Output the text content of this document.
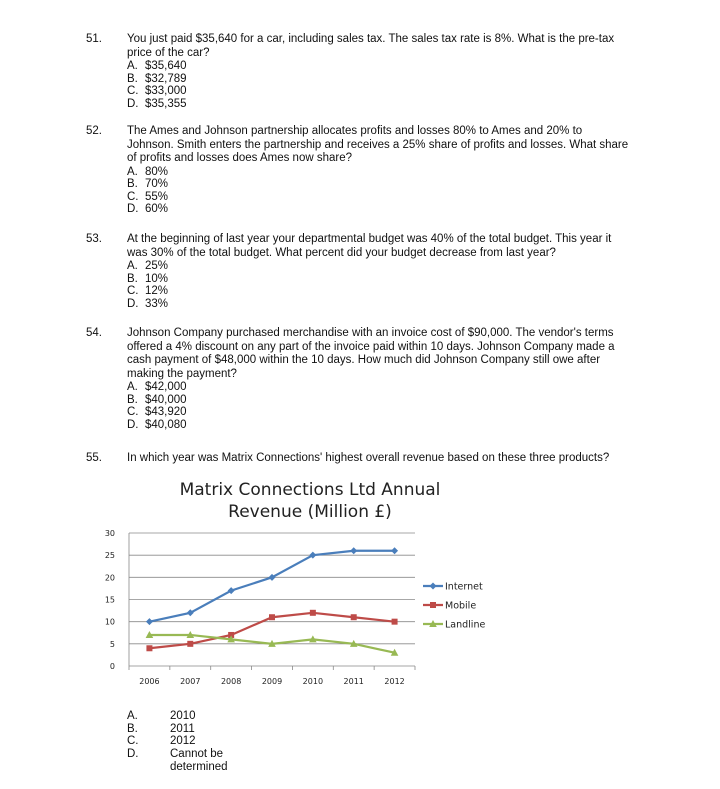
51. You just paid $35,640 for a car, including sales tax. The sales tax rate is 8%. What is the pre-tax price of the car?
A. $35,640
B. $32,789
C. $33,000
D. $35,355
52. The Ames and Johnson partnership allocates profits and losses 80% to Ames and 20% to Johnson. Smith enters the partnership and receives a 25% share of profits and losses. What share of profits and losses does Ames now share?
A. 80%
B. 70%
C. 55%
D. 60%
53. At the beginning of last year your departmental budget was 40% of the total budget. This year it was 30% of the total budget. What percent did your budget decrease from last year?
A. 25%
B. 10%
C. 12%
D. 33%
54. Johnson Company purchased merchandise with an invoice cost of $90,000. The vendor's terms offered a 4% discount on any part of the invoice paid within 10 days. Johnson Company made a cash payment of $48,000 within the 10 days. How much did Johnson Company still owe after making the payment?
A. $42,000
B. $40,000
C. $43,920
D. $40,080
55. In which year was Matrix Connections' highest overall revenue based on these three products?
Matrix Connections Ltd Annual
Revenue (Million £)
0
5
10
15
20
25
30
2006	2007	2008	2009	2010	2011	2012
Internet
Mobile
Landline
A.	2010
B.	2011
C.	2012
D.	Cannot be determined
